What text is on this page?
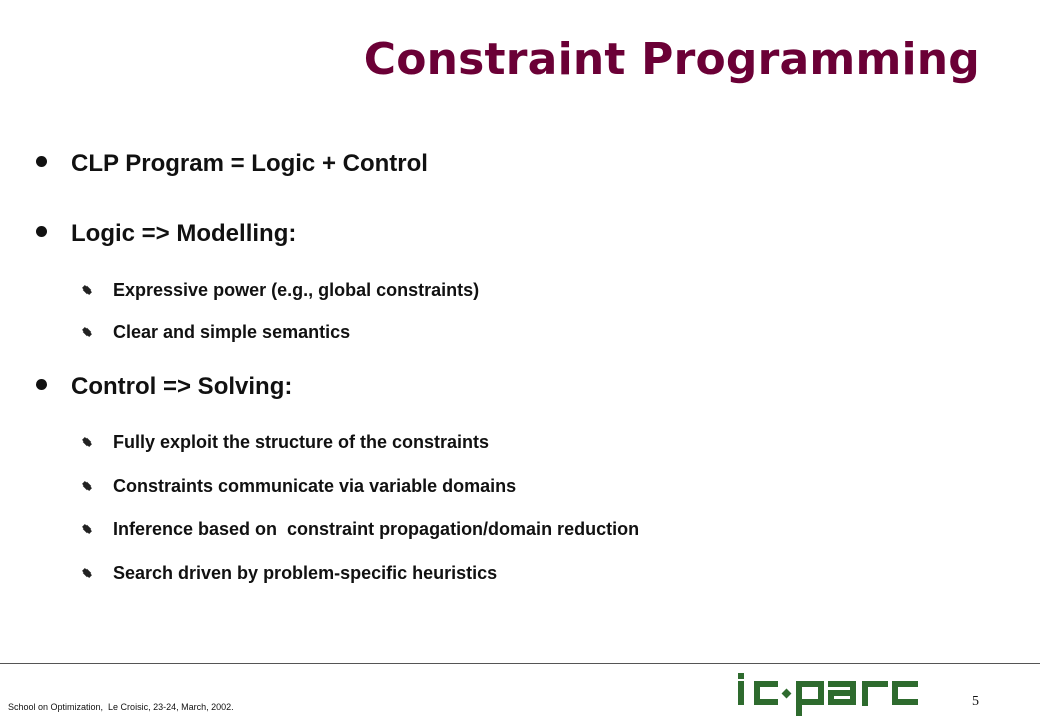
Constraint Programming
CLP Program = Logic + Control
Logic => Modelling:
Expressive power (e.g., global constraints)
Clear and simple semantics
Control => Solving:
Fully exploit the structure of the constraints
Constraints communicate via variable domains
Inference based on  constraint propagation/domain reduction
Search driven by problem-specific heuristics
School on Optimization,  Le Croisic, 23-24, March, 2002.	5
